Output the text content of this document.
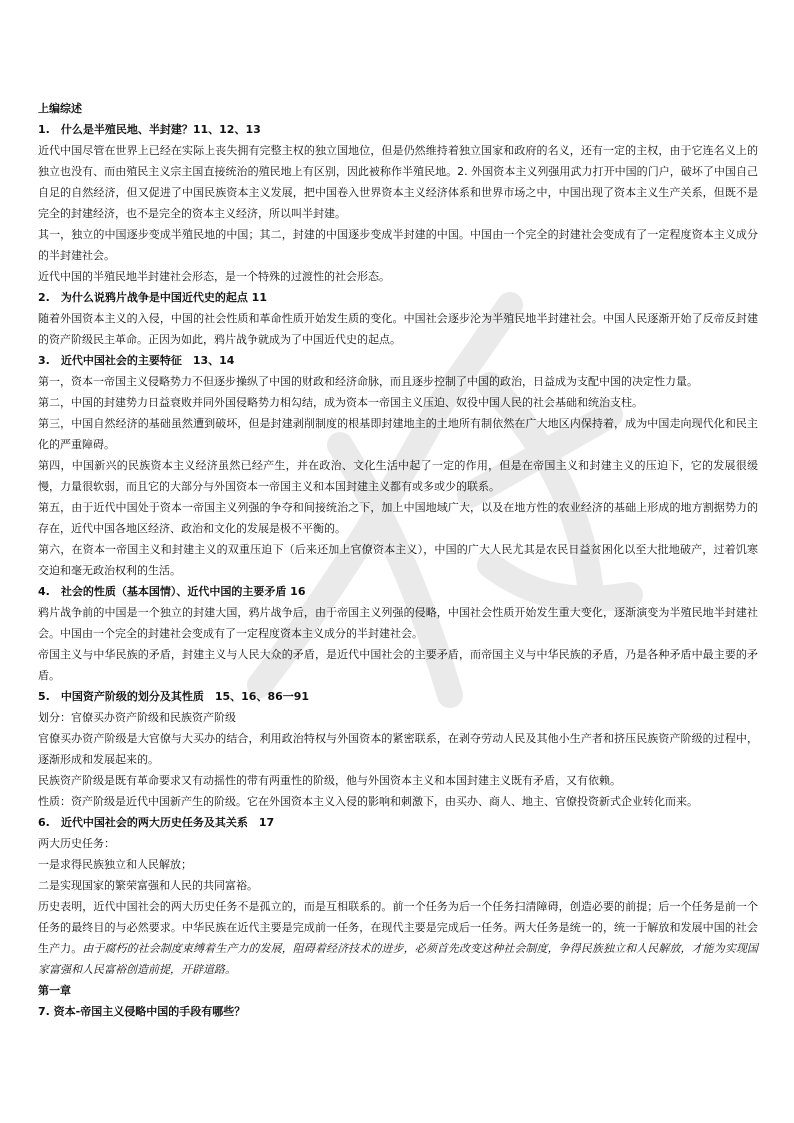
上编综述
1.　什么是半殖民地、半封建？11、12、13
近代中国尽管在世界上已经在实际上丧失拥有完整主权的独立国地位，但是仍然维持着独立国家和政府的名义，还有一定的主权，由于它连名义上的独立也没有、而由殖民主义宗主国直接统治的殖民地上有区别，因此被称作半殖民地。2. 外国资本主义列强用武力打开中国的门户，破坏了中国自己自足的自然经济，但又促进了中国民族资本主义发展，把中国卷入世界资本主义经济体系和世界市场之中，中国出现了资本主义生产关系，但既不是完全的封建经济，也不是完全的资本主义经济，所以叫半封建。
其一，独立的中国逐步变成半殖民地的中国；其二，封建的中国逐步变成半封建的中国。中国由一个完全的封建社会变成有了一定程度资本主义成分的半封建社会。
近代中国的半殖民地半封建社会形态，是一个特殊的过渡性的社会形态。
2.　为什么说鸦片战争是中国近代史的起点 11
随着外国资本主义的入侵，中国的社会性质和革命性质开始发生质的变化。中国社会逐步沦为半殖民地半封建社会。中国人民逐渐开始了反帝反封建的资产阶级民主革命。正因为如此，鸦片战争就成为了中国近代史的起点。
3.　近代中国社会的主要特征　13、14
第一，资本一帝国主义侵略势力不但逐步操纵了中国的财政和经济命脉，而且逐步控制了中国的政治，日益成为支配中国的决定性力量。
第二，中国的封建势力日益衰败并同外国侵略势力相勾结，成为资本一帝国主义压迫、奴役中国人民的社会基础和统治支柱。
第三，中国自然经济的基础虽然遭到破坏，但是封建剥削制度的根基即封建地主的土地所有制依然在广大地区内保持着，成为中国走向现代化和民主化的严重障碍。
第四，中国新兴的民族资本主义经济虽然已经产生，并在政治、文化生活中起了一定的作用，但是在帝国主义和封建主义的压迫下，它的发展很缓慢，力量很软弱，而且它的大部分与外国资本一帝国主义和本国封建主义都有或多或少的联系。
第五，由于近代中国处于资本一帝国主义列强的争夺和间接统治之下，加上中国地域广大，以及在地方性的农业经济的基础上形成的地方割据势力的存在，近代中国各地区经济、政治和文化的发展是极不平衡的。
第六，在资本一帝国主义和封建主义的双重压迫下（后来还加上官僚资本主义），中国的广大人民尤其是农民日益贫困化以至大批地破产，过着饥寒交迫和毫无政治权利的生活。
4.　社会的性质（基本国情）、近代中国的主要矛盾 16
鸦片战争前的中国是一个独立的封建大国，鸦片战争后，由于帝国主义列强的侵略，中国社会性质开始发生重大变化，逐渐演变为半殖民地半封建社会。中国由一个完全的封建社会变成有了一定程度资本主义成分的半封建社会。
帝国主义与中华民族的矛盾，封建主义与人民大众的矛盾，是近代中国社会的主要矛盾，而帝国主义与中华民族的矛盾，乃是各种矛盾中最主要的矛盾。
5.　中国资产阶级的划分及其性质　15、16、86一91
划分：官僚买办资产阶级和民族资产阶级
官僚买办资产阶级是大官僚与大买办的结合，利用政治特权与外国资本的紧密联系，在剥夺劳动人民及其他小生产者和挤压民族资产阶级的过程中，逐渐形成和发展起来的。
民族资产阶级是既有革命要求又有动摇性的带有两重性的阶级，他与外国资本主义和本国封建主义既有矛盾，又有依赖。
性质：资产阶级是近代中国新产生的阶级。它在外国资本主义入侵的影响和刺激下，由买办、商人、地主、官僚投资新式企业转化而来。
6.　近代中国社会的两大历史任务及其关系　17
两大历史任务：
一是求得民族独立和人民解放；
二是实现国家的繁荣富强和人民的共同富裕。
历史表明，近代中国社会的两大历史任务不是孤立的，而是互相联系的。前一个任务为后一个任务扫清障碍，创造必要的前提；后一个任务是前一个任务的最终目的与必然要求。中华民族在近代主要是完成前一任务，在现代主要是完成后一任务。两大任务是统一的，统一于解放和发展中国的社会生产力。由于腐朽的社会制度束缚着生产力的发展，阻碍着经济技术的进步，必须首先改变这种社会制度，争得民族独立和人民解放，才能为实现国家富强和人民富裕创造前提，开辟道路。
第一章
7. 资本-帝国主义侵略中国的手段有哪些？
